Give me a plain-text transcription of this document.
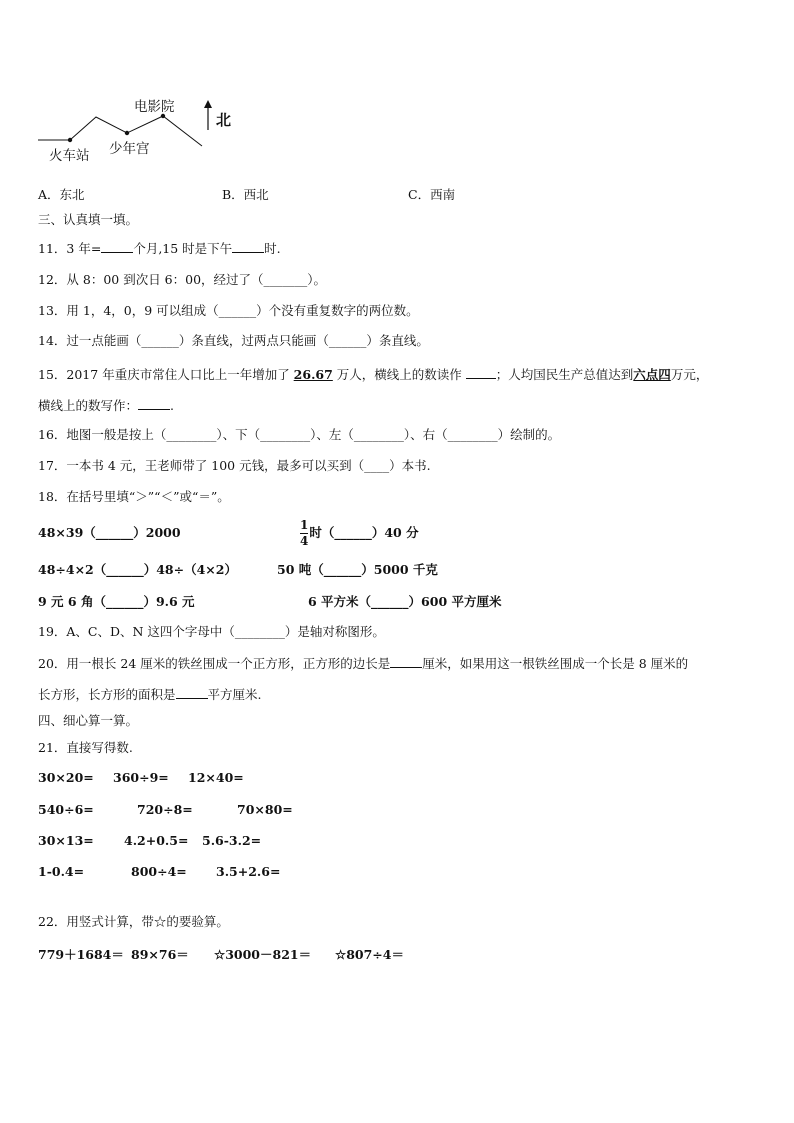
电影院
火车站 少年宫
北
A．东北	B．西北	C．西南
三、认真填一填。
11．3 年=	个月,15 时是下午	时.
12．从 8：00 到次日 6：00，经过了（_______）。
13．用 1，4，0，9 可以组成（______）个没有重复数字的两位数。
14．过一点能画（______）条直线，过两点只能画（______）条直线。
15．2017 年重庆市常住人口比上一年增加了 26.67 万人，横线上的数读作 ；人均国民生产总值达到六点四万元，
横线上的数写作：	.
16．地图一般是按上（________）、下（________）、左（________）、右（________）绘制的。
17．一本书 4 元，王老师带了 100 元钱，最多可以买到（____）本书.
18．在括号里填“＞”“＜”或“＝”。
48×39（______）2000	$\frac{1}{4}$ 时（______）40 分
48÷4×2（______）48÷（4×2）	50 吨（______）5000 千克
9 元 6 角（______）9.6 元	6 平方米（______）600 平方厘米
19．A、C、D、N 这四个字母中（________）是轴对称图形。
20．用一根长 24 厘米的铁丝围成一个正方形，正方形的边长是	厘米，如果用这一根铁丝围成一个长是 8 厘米的
长方形，长方形的面积是	平方厘米.
四、细心算一算。
21．直接写得数.
30×20= 360÷9= 12×40=
540÷6=	720÷8=	70×80=
30×13= 4.2+0.5= 5.6-3.2=
1-0.4=	800÷4= 3.5+2.6=
22．用竖式计算，带☆的要验算。
779＋1684＝ 89×76＝ ☆3000－821＝ ☆807÷4＝
